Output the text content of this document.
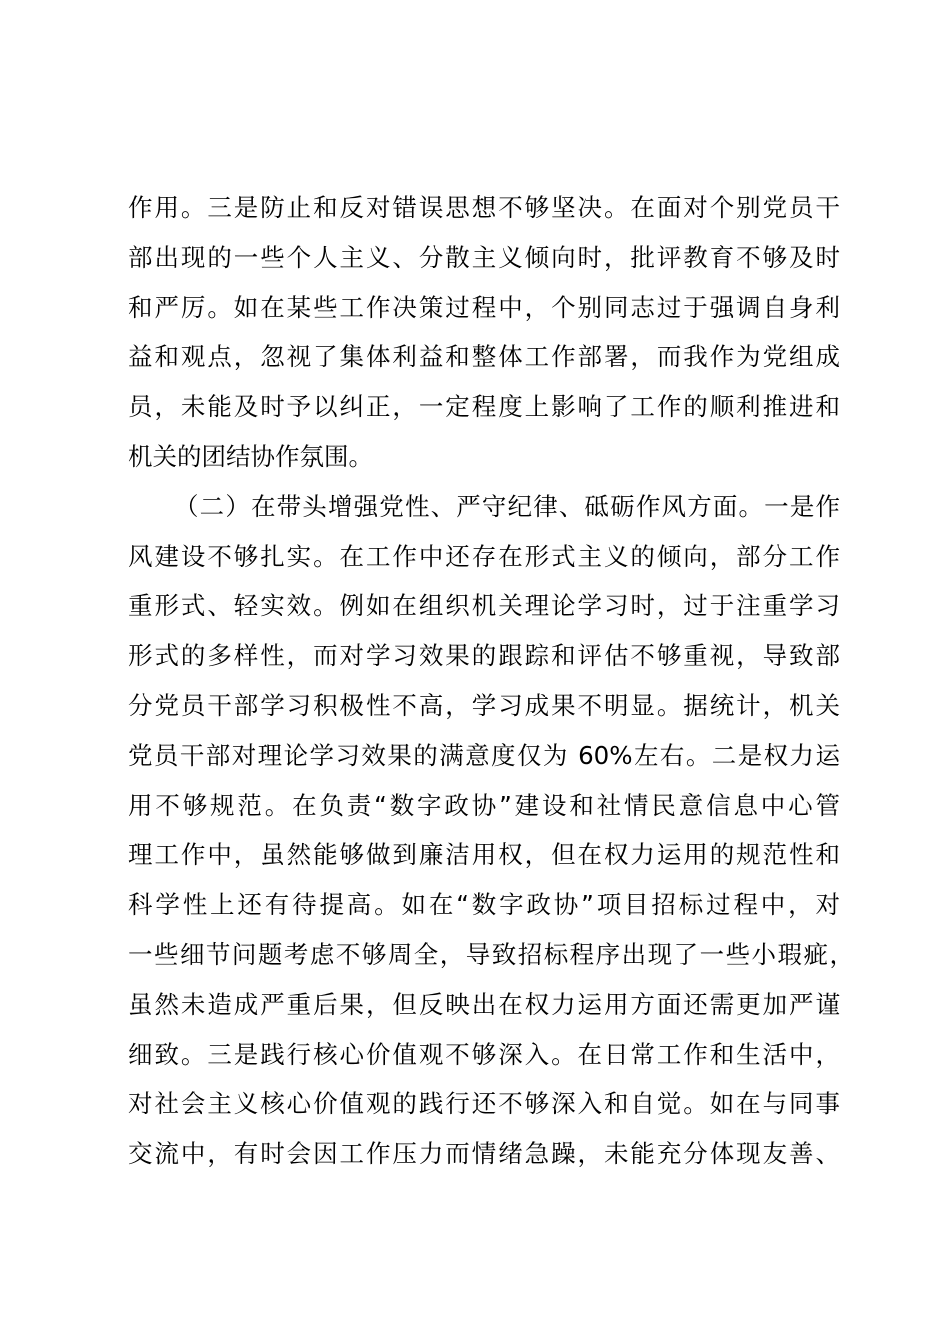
作用。三是防止和反对错误思想不够坚决。在面对个别党员干
部出现的一些个人主义、分散主义倾向时，批评教育不够及时
和严厉。如在某些工作决策过程中，个别同志过于强调自身利
益和观点，忽视了集体利益和整体工作部署，而我作为党组成
员，未能及时予以纠正，一定程度上影响了工作的顺利推进和
机关的团结协作氛围。
（二）在带头增强党性、严守纪律、砥砺作风方面。一是作
风建设不够扎实。在工作中还存在形式主义的倾向，部分工作
重形式、轻实效。例如在组织机关理论学习时，过于注重学习
形式的多样性，而对学习效果的跟踪和评估不够重视，导致部
分党员干部学习积极性不高，学习成果不明显。据统计，机关
党员干部对理论学习效果的满意度仅为 60%左右。二是权力运
用不够规范。在负责“数字政协”建设和社情民意信息中心管
理工作中，虽然能够做到廉洁用权，但在权力运用的规范性和
科学性上还有待提高。如在“数字政协”项目招标过程中，对
一些细节问题考虑不够周全，导致招标程序出现了一些小瑕疵，
虽然未造成严重后果，但反映出在权力运用方面还需更加严谨
细致。三是践行核心价值观不够深入。在日常工作和生活中，
对社会主义核心价值观的践行还不够深入和自觉。如在与同事
交流中，有时会因工作压力而情绪急躁，未能充分体现友善、
